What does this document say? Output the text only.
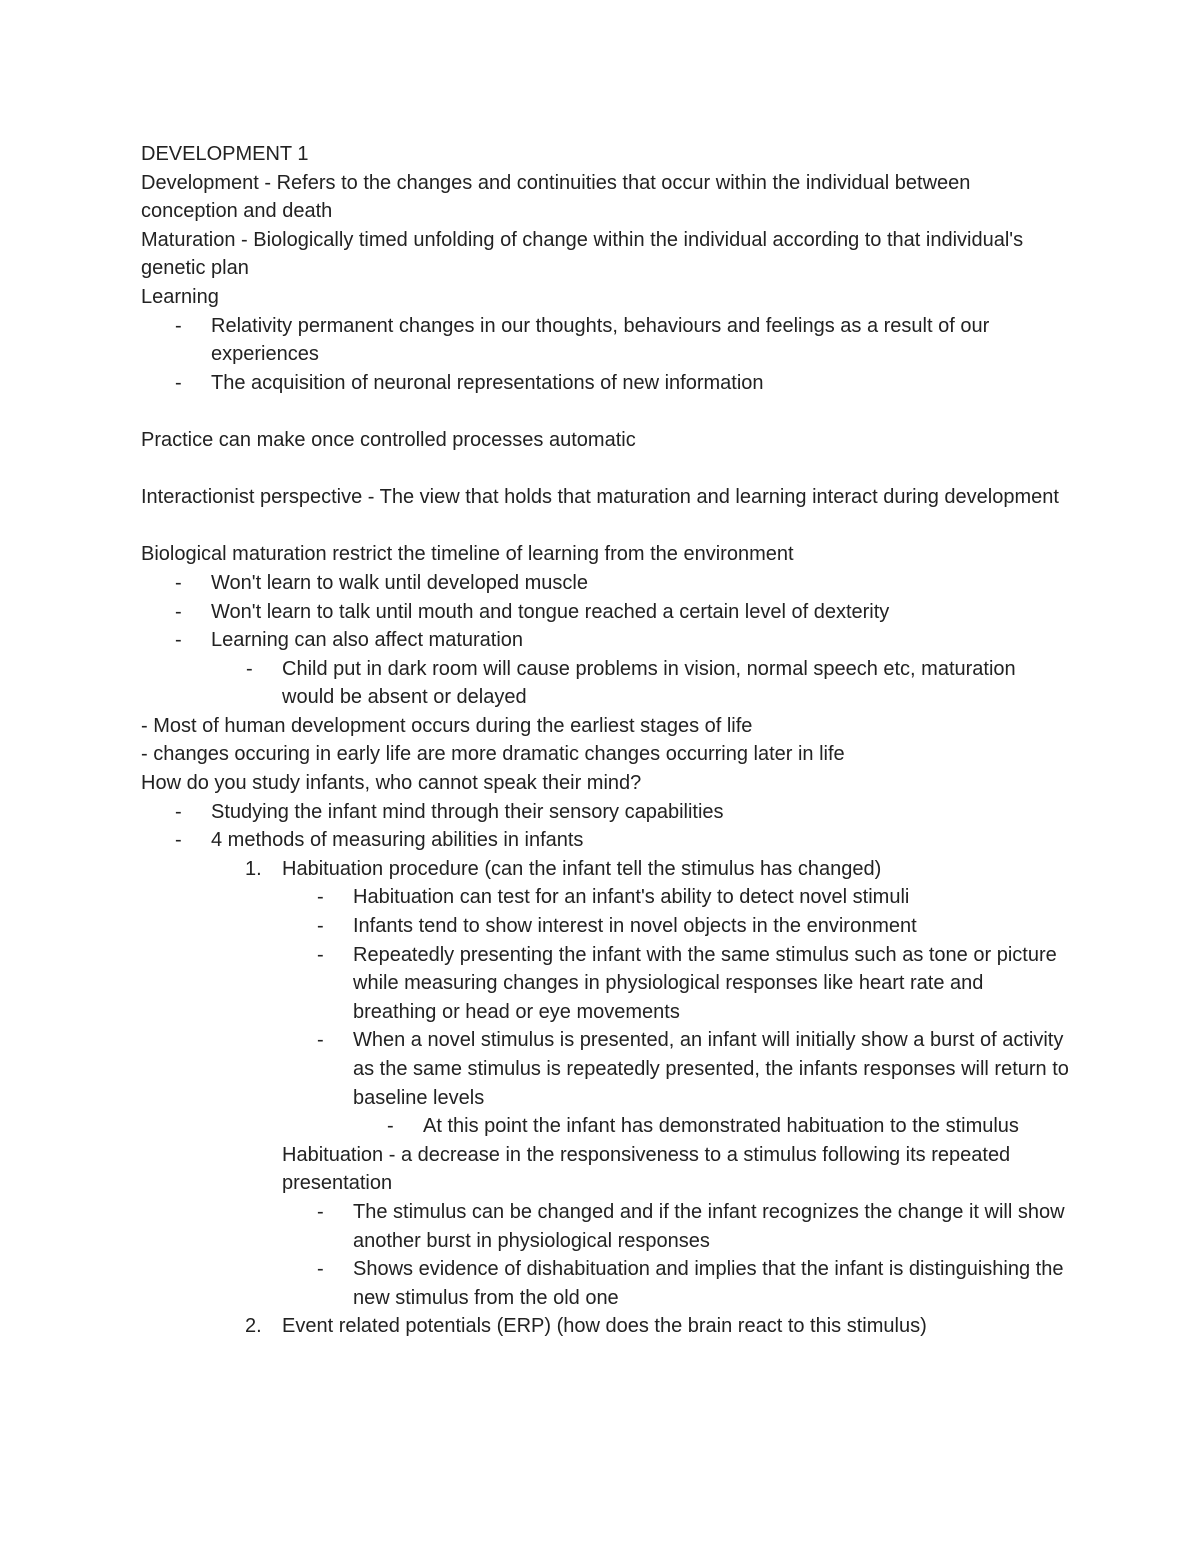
DEVELOPMENT 1

Development - Refers to the changes and continuities that occur within the individual between conception and death

Maturation - Biologically timed unfolding of change within the individual according to that individual's genetic plan

Learning

- Relativity permanent changes in our thoughts, behaviours and feelings as a result of our experiences
- The acquisition of neuronal representations of new information

Practice can make once controlled processes automatic

Interactionist perspective - The view that holds that maturation and learning interact during development

Biological maturation restrict the timeline of learning from the environment

- Won't learn to walk until developed muscle
- Won't learn to talk until mouth and tongue reached a certain level of dexterity
- Learning can also affect maturation
- Child put in dark room will cause problems in vision, normal speech etc, maturation would be absent or delayed

- Most of human development occurs during the earliest stages of life

- changes occuring in early life are more dramatic changes occurring later in life

How do you study infants, who cannot speak their mind?

- Studying the infant mind through their sensory capabilities
- 4 methods of measuring abilities in infants
1. Habituation procedure (can the infant tell the stimulus has changed)
- Habituation can test for an infant's ability to detect novel stimuli
- Infants tend to show interest in novel objects in the environment
- Repeatedly presenting the infant with the same stimulus such as tone or picture while measuring changes in physiological responses like heart rate and breathing or head or eye movements
- When a novel stimulus is presented, an infant will initially show a burst of activity as the same stimulus is repeatedly presented, the infants responses will return to baseline levels
- At this point the infant has demonstrated habituation to the stimulus

Habituation - a decrease in the responsiveness to a stimulus following its repeated presentation

- The stimulus can be changed and if the infant recognizes the change it will show another burst in physiological responses
- Shows evidence of dishabituation and implies that the infant is distinguishing the new stimulus from the old one
2. Event related potentials (ERP) (how does the brain react to this stimulus)
